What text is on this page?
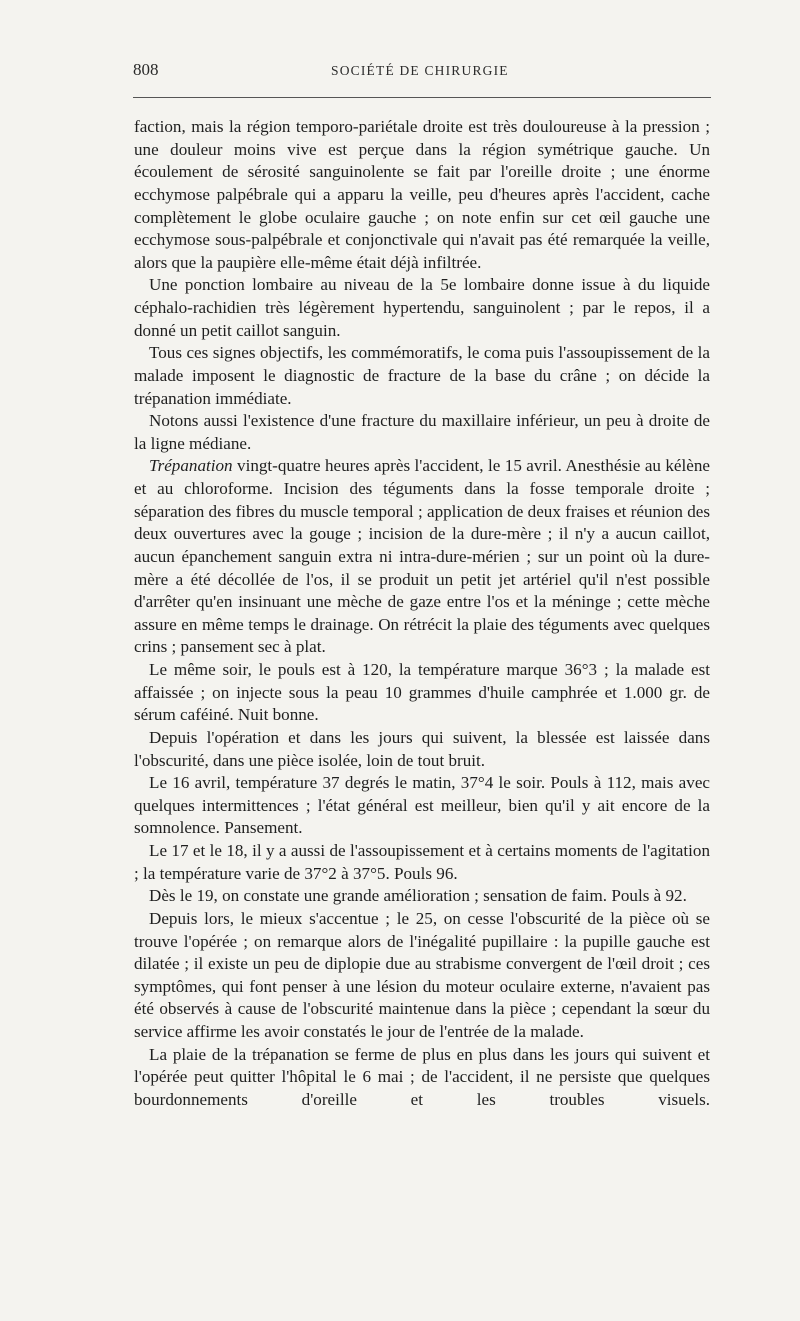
808	SOCIÉTÉ DE CHIRURGIE

faction, mais la région temporo-pariétale droite est très douloureuse à la pression ; une douleur moins vive est perçue dans la région symétrique gauche. Un écoulement de sérosité sanguinolente se fait par l'oreille droite ; une énorme ecchymose palpébrale qui a apparu la veille, peu d'heures après l'accident, cache complètement le globe oculaire gauche ; on note enfin sur cet œil gauche une ecchymose sous-palpébrale et conjonctivale qui n'avait pas été remarquée la veille, alors que la paupière elle-même était déjà infiltrée.

Une ponction lombaire au niveau de la 5e lombaire donne issue à du liquide céphalo-rachidien très légèrement hypertendu, sanguinolent ; par le repos, il a donné un petit caillot sanguin.

Tous ces signes objectifs, les commémoratifs, le coma puis l'assoupissement de la malade imposent le diagnostic de fracture de la base du crâne ; on décide la trépanation immédiate.

Notons aussi l'existence d'une fracture du maxillaire inférieur, un peu à droite de la ligne médiane.

Trépanation vingt-quatre heures après l'accident, le 15 avril. Anesthésie au kélène et au chloroforme. Incision des téguments dans la fosse temporale droite ; séparation des fibres du muscle temporal ; application de deux fraises et réunion des deux ouvertures avec la gouge ; incision de la dure-mère ; il n'y a aucun caillot, aucun épanchement sanguin extra ni intra-dure-mérien ; sur un point où la dure-mère a été décollée de l'os, il se produit un petit jet artériel qu'il n'est possible d'arrêter qu'en insinuant une mèche de gaze entre l'os et la méninge ; cette mèche assure en même temps le drainage. On rétrécit la plaie des téguments avec quelques crins ; pansement sec à plat.

Le même soir, le pouls est à 120, la température marque 36°3 ; la malade est affaissée ; on injecte sous la peau 10 grammes d'huile camphrée et 1.000 gr. de sérum caféiné. Nuit bonne.

Depuis l'opération et dans les jours qui suivent, la blessée est laissée dans l'obscurité, dans une pièce isolée, loin de tout bruit.

Le 16 avril, température 37 degrés le matin, 37°4 le soir. Pouls à 112, mais avec quelques intermittences ; l'état général est meilleur, bien qu'il y ait encore de la somnolence. Pansement.

Le 17 et le 18, il y a aussi de l'assoupissement et à certains moments de l'agitation ; la température varie de 37°2 à 37°5. Pouls 96.

Dès le 19, on constate une grande amélioration ; sensation de faim. Pouls à 92.

Depuis lors, le mieux s'accentue ; le 25, on cesse l'obscurité de la pièce où se trouve l'opérée ; on remarque alors de l'inégalité pupillaire : la pupille gauche est dilatée ; il existe un peu de diplopie due au strabisme convergent de l'œil droit ; ces symptômes, qui font penser à une lésion du moteur oculaire externe, n'avaient pas été observés à cause de l'obscurité maintenue dans la pièce ; cependant la sœur du service affirme les avoir constatés le jour de l'entrée de la malade.

La plaie de la trépanation se ferme de plus en plus dans les jours qui suivent et l'opérée peut quitter l'hôpital le 6 mai ; de l'accident, il ne persiste que quelques bourdonnements d'oreille et les troubles visuels.
